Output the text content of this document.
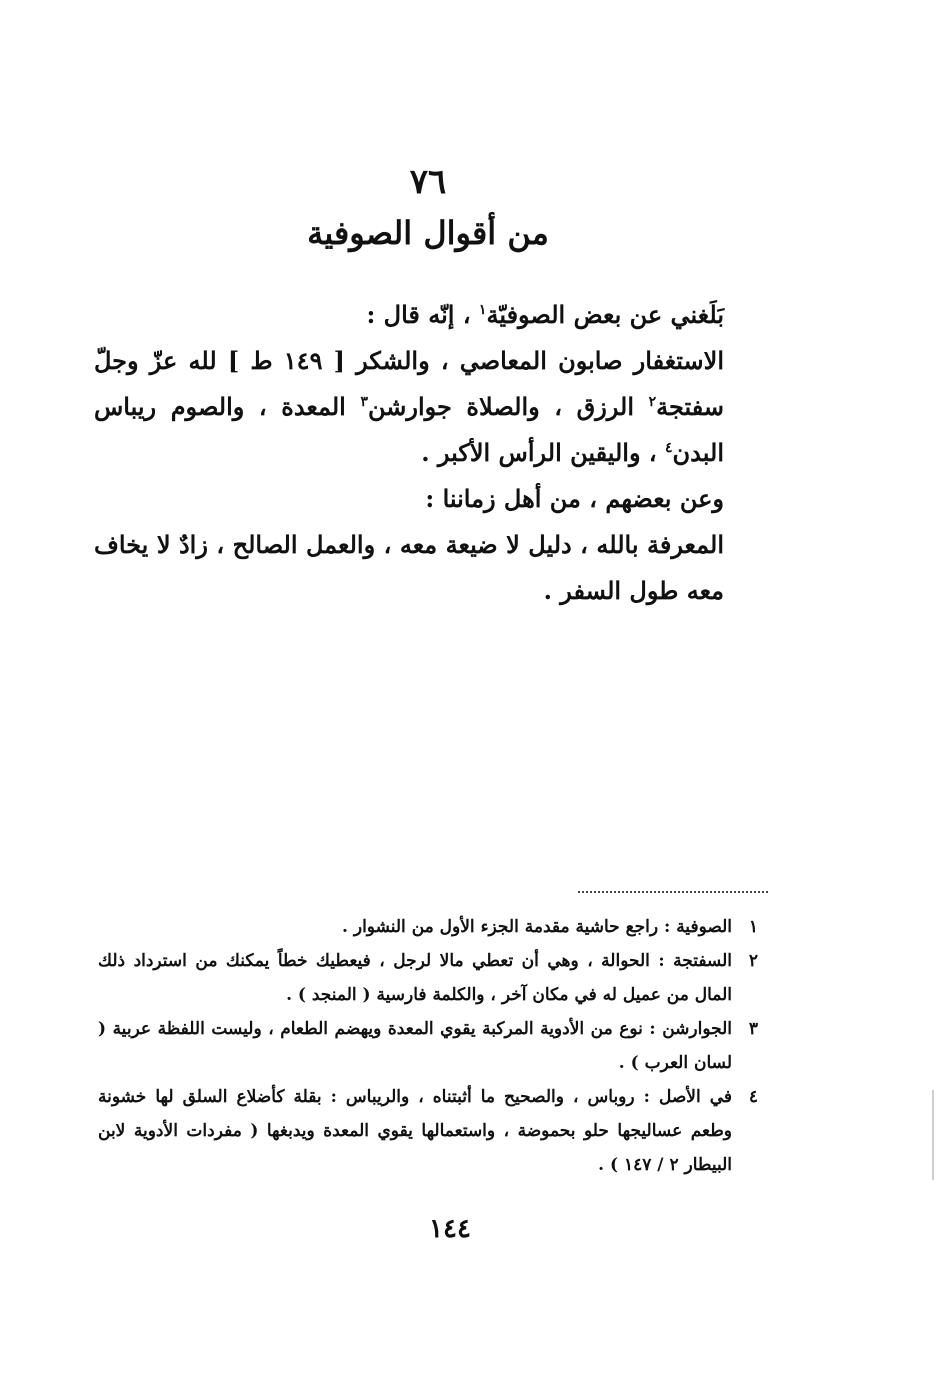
٧٦
من أقوال الصوفية

بَلَغني عن بعض الصوفيّة$^١$ ، إنّه قال :

الاستغفار صابون المعاصي ، والشكر [ ١٤٩ ط ] لله عزّ وجلّ سفتجة$^٢$ الرزق ، والصلاة جوارشن$^٣$ المعدة ، والصوم ريباس البدن$^٤$ ، واليقين الرأس الأكبر .

وعن بعضهم ، من أهل زماننا :

المعرفة بالله ، دليل لا ضيعة معه ، والعمل الصالح ، زادٌ لا يخاف معه طول السفر .

١
الصوفية : راجع حاشية مقدمة الجزء الأول من النشوار .
٢
السفتجة : الحوالة ، وهي أن تعطي مالا لرجل ، فيعطيك خطاً يمكنك من استرداد ذلك المال من عميل له في مكان آخر ، والكلمة فارسية ( المنجد ) .
٣
الجوارشن : نوع من الأدوية المركبة يقوي المعدة ويهضم الطعام ، وليست اللفظة عربية ( لسان العرب ) .
٤
في الأصل : روباس ، والصحيح ما أثبتناه ، والريباس : بقلة كأضلاع السلق لها خشونة وطعم عساليجها حلو بحموضة ، واستعمالها يقوي المعدة ويدبغها ( مفردات الأدوية لابن البيطار ٢ / ١٤٧ ) .
١٤٤
